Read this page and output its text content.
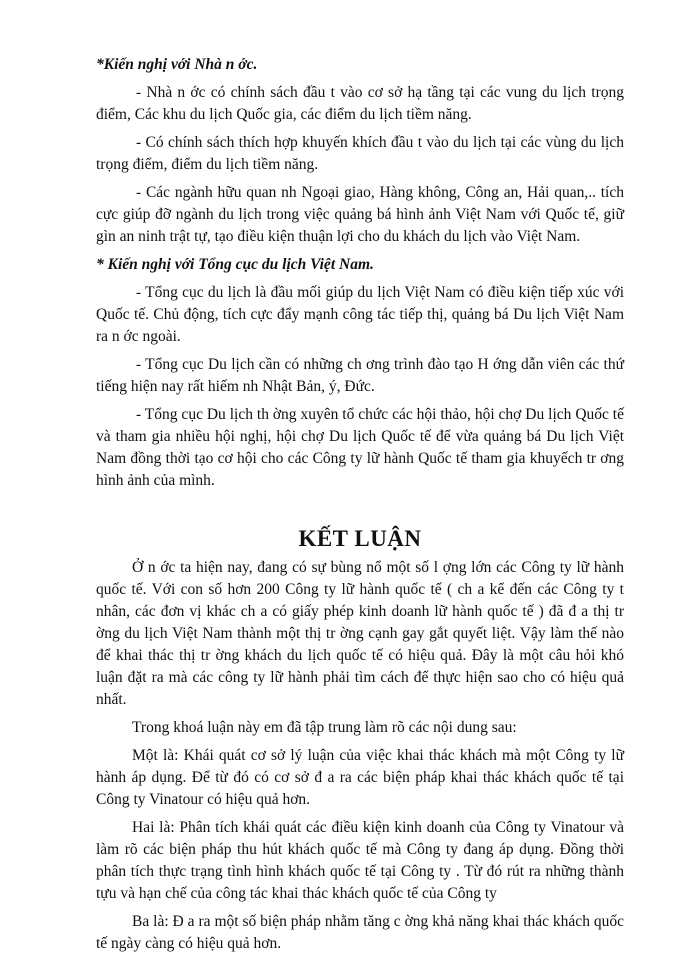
*Kiến nghị với Nhà n ớc.

- Nhà n ớc có chính sách đầu t vào cơ sở hạ tầng tại các vung du lịch trọng điểm, Các khu du lịch Quốc gia, các điểm du lịch tiềm năng.

- Có chính sách thích hợp khuyến khích đầu t vào du lịch tại các vùng du lịch trọng điểm, điểm du lịch tiềm năng.

- Các ngành hữu quan nh Ngoại giao, Hàng không, Công an, Hải quan,.. tích cực giúp đỡ ngành du lịch trong việc quảng bá hình ảnh Việt Nam với Quốc tế, giữ gìn an ninh trật tự, tạo điều kiện thuận lợi cho du khách du lịch vào Việt Nam.

* Kiến nghị với Tổng cục du lịch Việt Nam.

- Tổng cục du lịch là đầu mối giúp du lịch Việt Nam có điều kiện tiếp xúc với Quốc tế. Chủ động, tích cực đẩy mạnh công tác tiếp thị, quảng bá Du lịch Việt Nam ra n ớc ngoài.

- Tổng cục Du lịch cần có những ch ơng trình đào tạo H ớng dẫn viên các thứ tiếng hiện nay rất hiếm nh Nhật Bản, ý, Đức.

- Tổng cục Du lịch th ờng xuyên tổ chức các hội thảo, hội chợ Du lịch Quốc tế và tham gia nhiều hội nghị, hội chợ Du lịch Quốc tế để vừa quảng bá Du lịch Việt Nam đồng thời tạo cơ hội cho các Công ty lữ hành Quốc tế tham gia khuyếch tr ơng hình ảnh của mình.

KẾT LUẬN

Ở n ớc ta hiện nay, đang có sự bùng nổ một số l ợng lớn các Công ty lữ hành quốc tế. Với con số hơn 200 Công ty lữ hành quốc tế ( ch a kể đến các Công ty t nhân, các đơn vị khác ch a có giấy phép kinh doanh lữ hành quốc tế ) đã đ a thị tr ờng du lịch Việt Nam thành một thị tr ờng cạnh gay gắt quyết liệt. Vậy làm thế nào để khai thác thị tr ờng khách du lịch quốc tế có hiệu quả. Đây là một câu hỏi khó luận đặt ra mà các công ty lữ hành phải tìm cách để thực hiện sao cho có hiệu quả nhất.

Trong khoá luận này em đã tập trung làm rõ các nội dung sau:

Một là: Khái quát cơ sở lý luận của việc khai thác khách mà một Công ty lữ hành áp dụng. Để từ đó có cơ sở đ a ra các biện pháp khai thác khách quốc tế tại Công ty Vinatour có hiệu quả hơn.

Hai là: Phân tích khái quát các điều kiện kinh doanh của Công ty Vinatour và làm rõ các biện pháp thu hút khách quốc tế mà Công ty đang áp dụng. Đồng thời phân tích thực trạng tình hình khách quốc tế tại Công ty . Từ đó rút ra những thành tựu và hạn chế của công tác khai thác khách quốc tế của Công ty

Ba là: Đ a ra một số biện pháp nhằm tăng c ờng khả năng khai thác khách quốc tế ngày càng có hiệu quả hơn.
